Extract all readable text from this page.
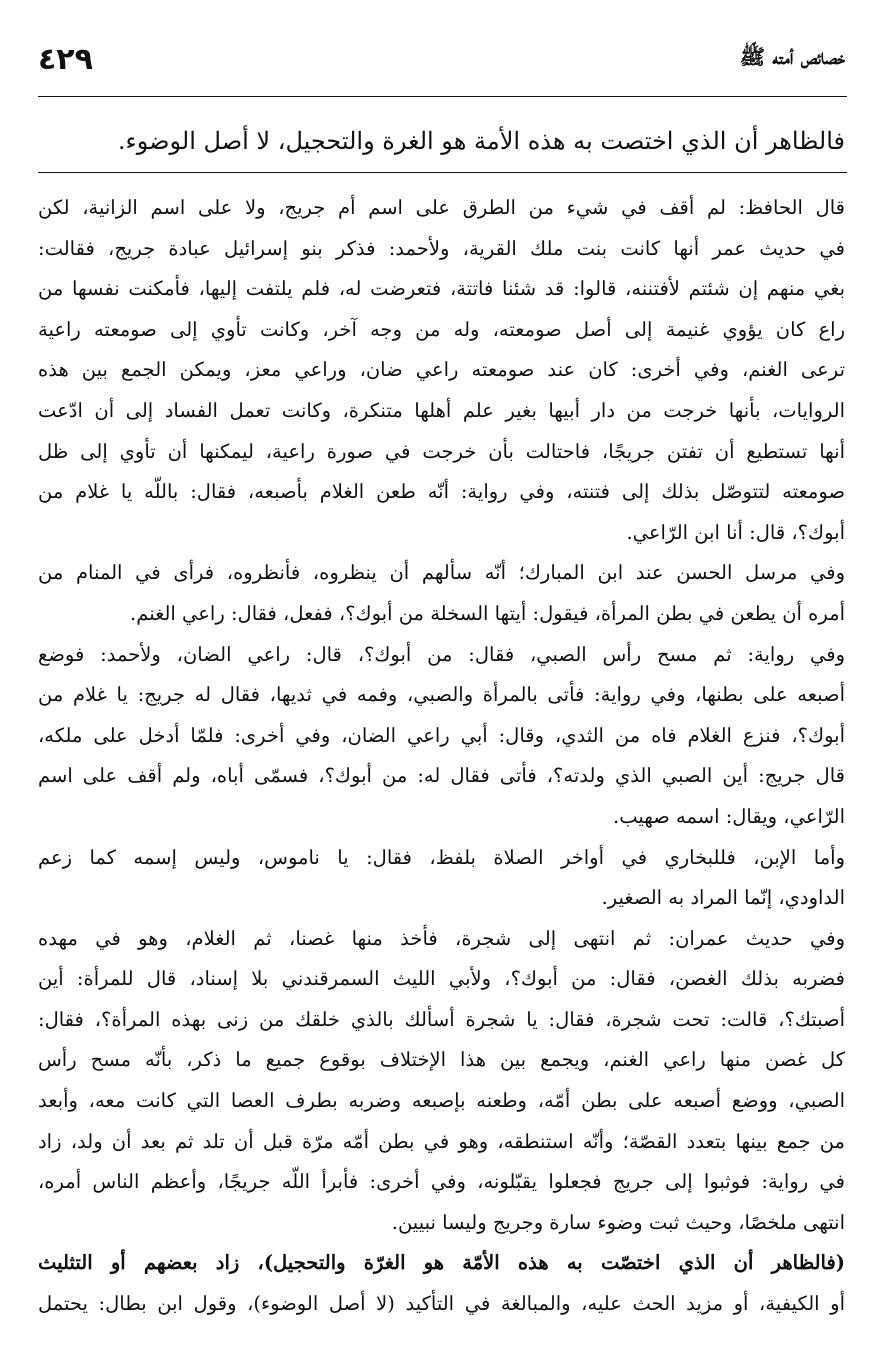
٤٢٩	خصائص أمته ﷺ
فالظاهر أن الذي اختصت به هذه الأمة هو الغرة والتحجيل، لا أصل الوضوء.
قال الحافظ: لم أقف في شيء من الطرق على اسم أم جريج، ولا على اسم الزانية، لكن
في حديث عمر أنها كانت بنت ملك القرية، ولأحمد: فذكر بنو إسرائيل عبادة جريج، فقالت:
بغي منهم إن شئتم لأفتننه، قالوا: قد شئنا فاتتة، فتعرضت له، فلم يلتفت إليها، فأمكنت نفسها من
راع كان يؤوي غنيمة إلى أصل صومعته، وله من وجه آخر، وكانت تأوي إلى صومعته راعية
ترعى الغنم، وفي أخرى: كان عند صومعته راعي ضان، وراعي معز، ويمكن الجمع بين هذه
الروايات، بأنها خرجت من دار أبيها بغير علم أهلها متنكرة، وكانت تعمل الفساد إلى أن ادّعت
أنها تستطيع أن تفتن جريجًا، فاحتالت بأن خرجت في صورة راعية، ليمكنها أن تأوي إلى ظل
صومعته لتتوصّل بذلك إلى فتنته، وفي رواية: أنّه طعن الغلام بأصبعه، فقال: باللّه يا غلام من
أبوك؟، قال: أنا ابن الرّاعي.
وفي مرسل الحسن عند ابن المبارك؛ أنّه سألهم أن ينظروه، فأنظروه، فرأى في المنام من
أمره أن يطعن في بطن المرأة، فيقول: أيتها السخلة من أبوك؟، ففعل، فقال: راعي الغنم.
وفي رواية: ثم مسح رأس الصبي، فقال: من أبوك؟، قال: راعي الضان، ولأحمد: فوضع
أصبعه على بطنها، وفي رواية: فأتى بالمرأة والصبي، وفمه في ثديها، فقال له جريج: يا غلام من
أبوك؟، فنزع الغلام فاه من الثدي، وقال: أبي راعي الضان، وفي أخرى: فلمّا أدخل على ملكه،
قال جريج: أين الصبي الذي ولدته؟، فأتى فقال له: من أبوك؟، فسمّى أباه، ولم أقف على اسم
الرّاعي، ويقال: اسمه صهيب.
وأما الإبن، فللبخاري في أواخر الصلاة بلفظ، فقال: يا ناموس، وليس إسمه كما زعم
الداودي، إنّما المراد به الصغير.
وفي حديث عمران: ثم انتهى إلى شجرة، فأخذ منها غصنا، ثم الغلام، وهو في مهده
فضربه بذلك الغصن، فقال: من أبوك؟، ولأبي الليث السمرقندني بلا إسناد، قال للمرأة: أين
أصبتك؟، قالت: تحت شجرة، فقال: يا شجرة أسألك بالذي خلقك من زنى بهذه المرأة؟، فقال:
كل غصن منها راعي الغنم، ويجمع بين هذا الإختلاف بوقوع جميع ما ذكر، بأنّه مسح رأس
الصبي، ووضع أصبعه على بطن أمّه، وطعنه بإصبعه وضربه بطرف العصا التي كانت معه، وأبعد
من جمع بينها بتعدد القصّة؛ وأنّه استنطقه، وهو في بطن أمّه مرّة قبل أن تلد ثم بعد أن ولد، زاد
في رواية: فوثبوا إلى جريج فجعلوا يقبّلونه، وفي أخرى: فأبرأ اللّه جريجًا، وأعظم الناس أمره،
انتهى ملخصًا، وحيث ثبت وضوء سارة وجريج وليسا نبيين.
(فالظاهر أن الذي اختصّت به هذه الأمّة هو الغرّة والتحجيل)، زاد بعضهم أو التثليث
أو الكيفية، أو مزيد الحث عليه، والمبالغة في التأكيد (لا أصل الوضوء)، وقول ابن بطال: يحتمل
